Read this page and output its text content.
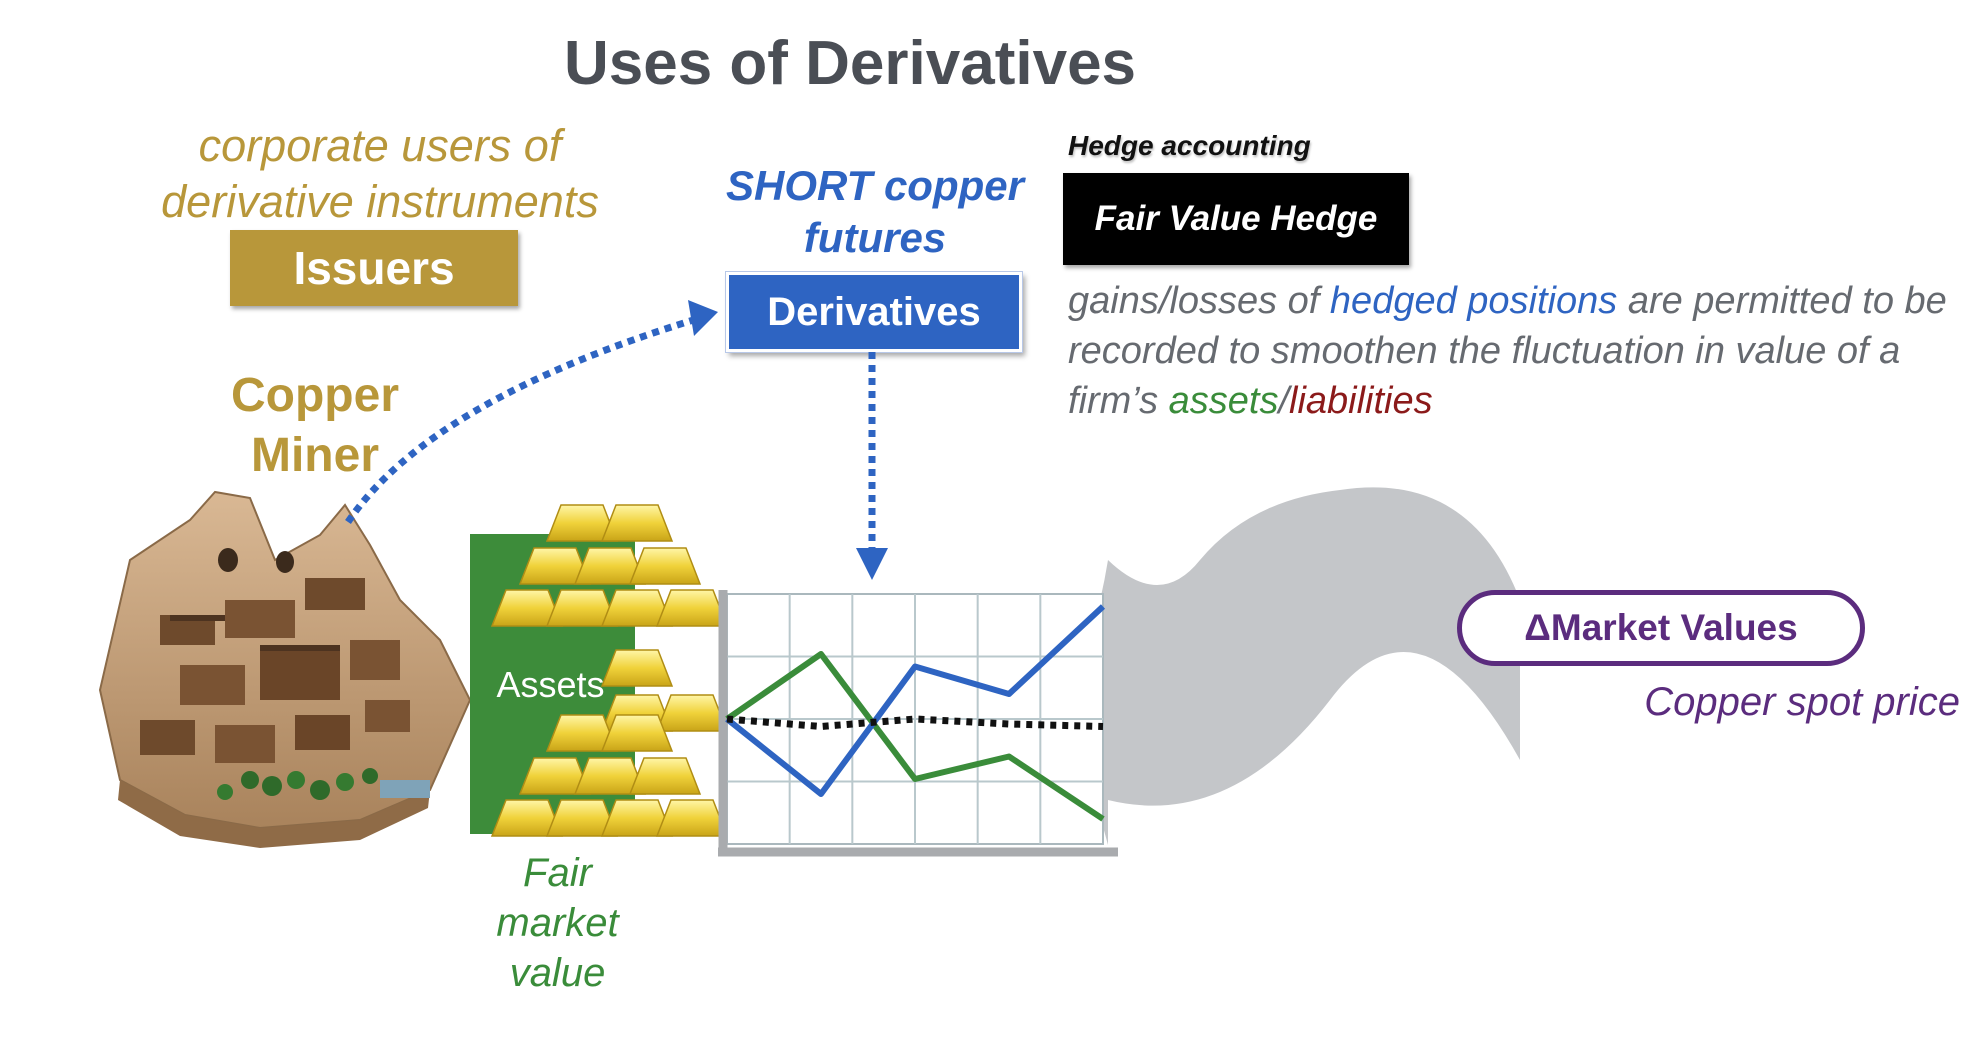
Uses of Derivatives
corporate users of
derivative instruments
Issuers
Copper
Miner
SHORT copper
futures
Derivatives
Hedge accounting
Fair Value Hedge
gains/losses of hedged positions are permitted to be recorded to smoothen the fluctuation in value of a firm’s assets/liabilities
Assets
Fair
market
value
ΔMarket Values
Copper spot price
